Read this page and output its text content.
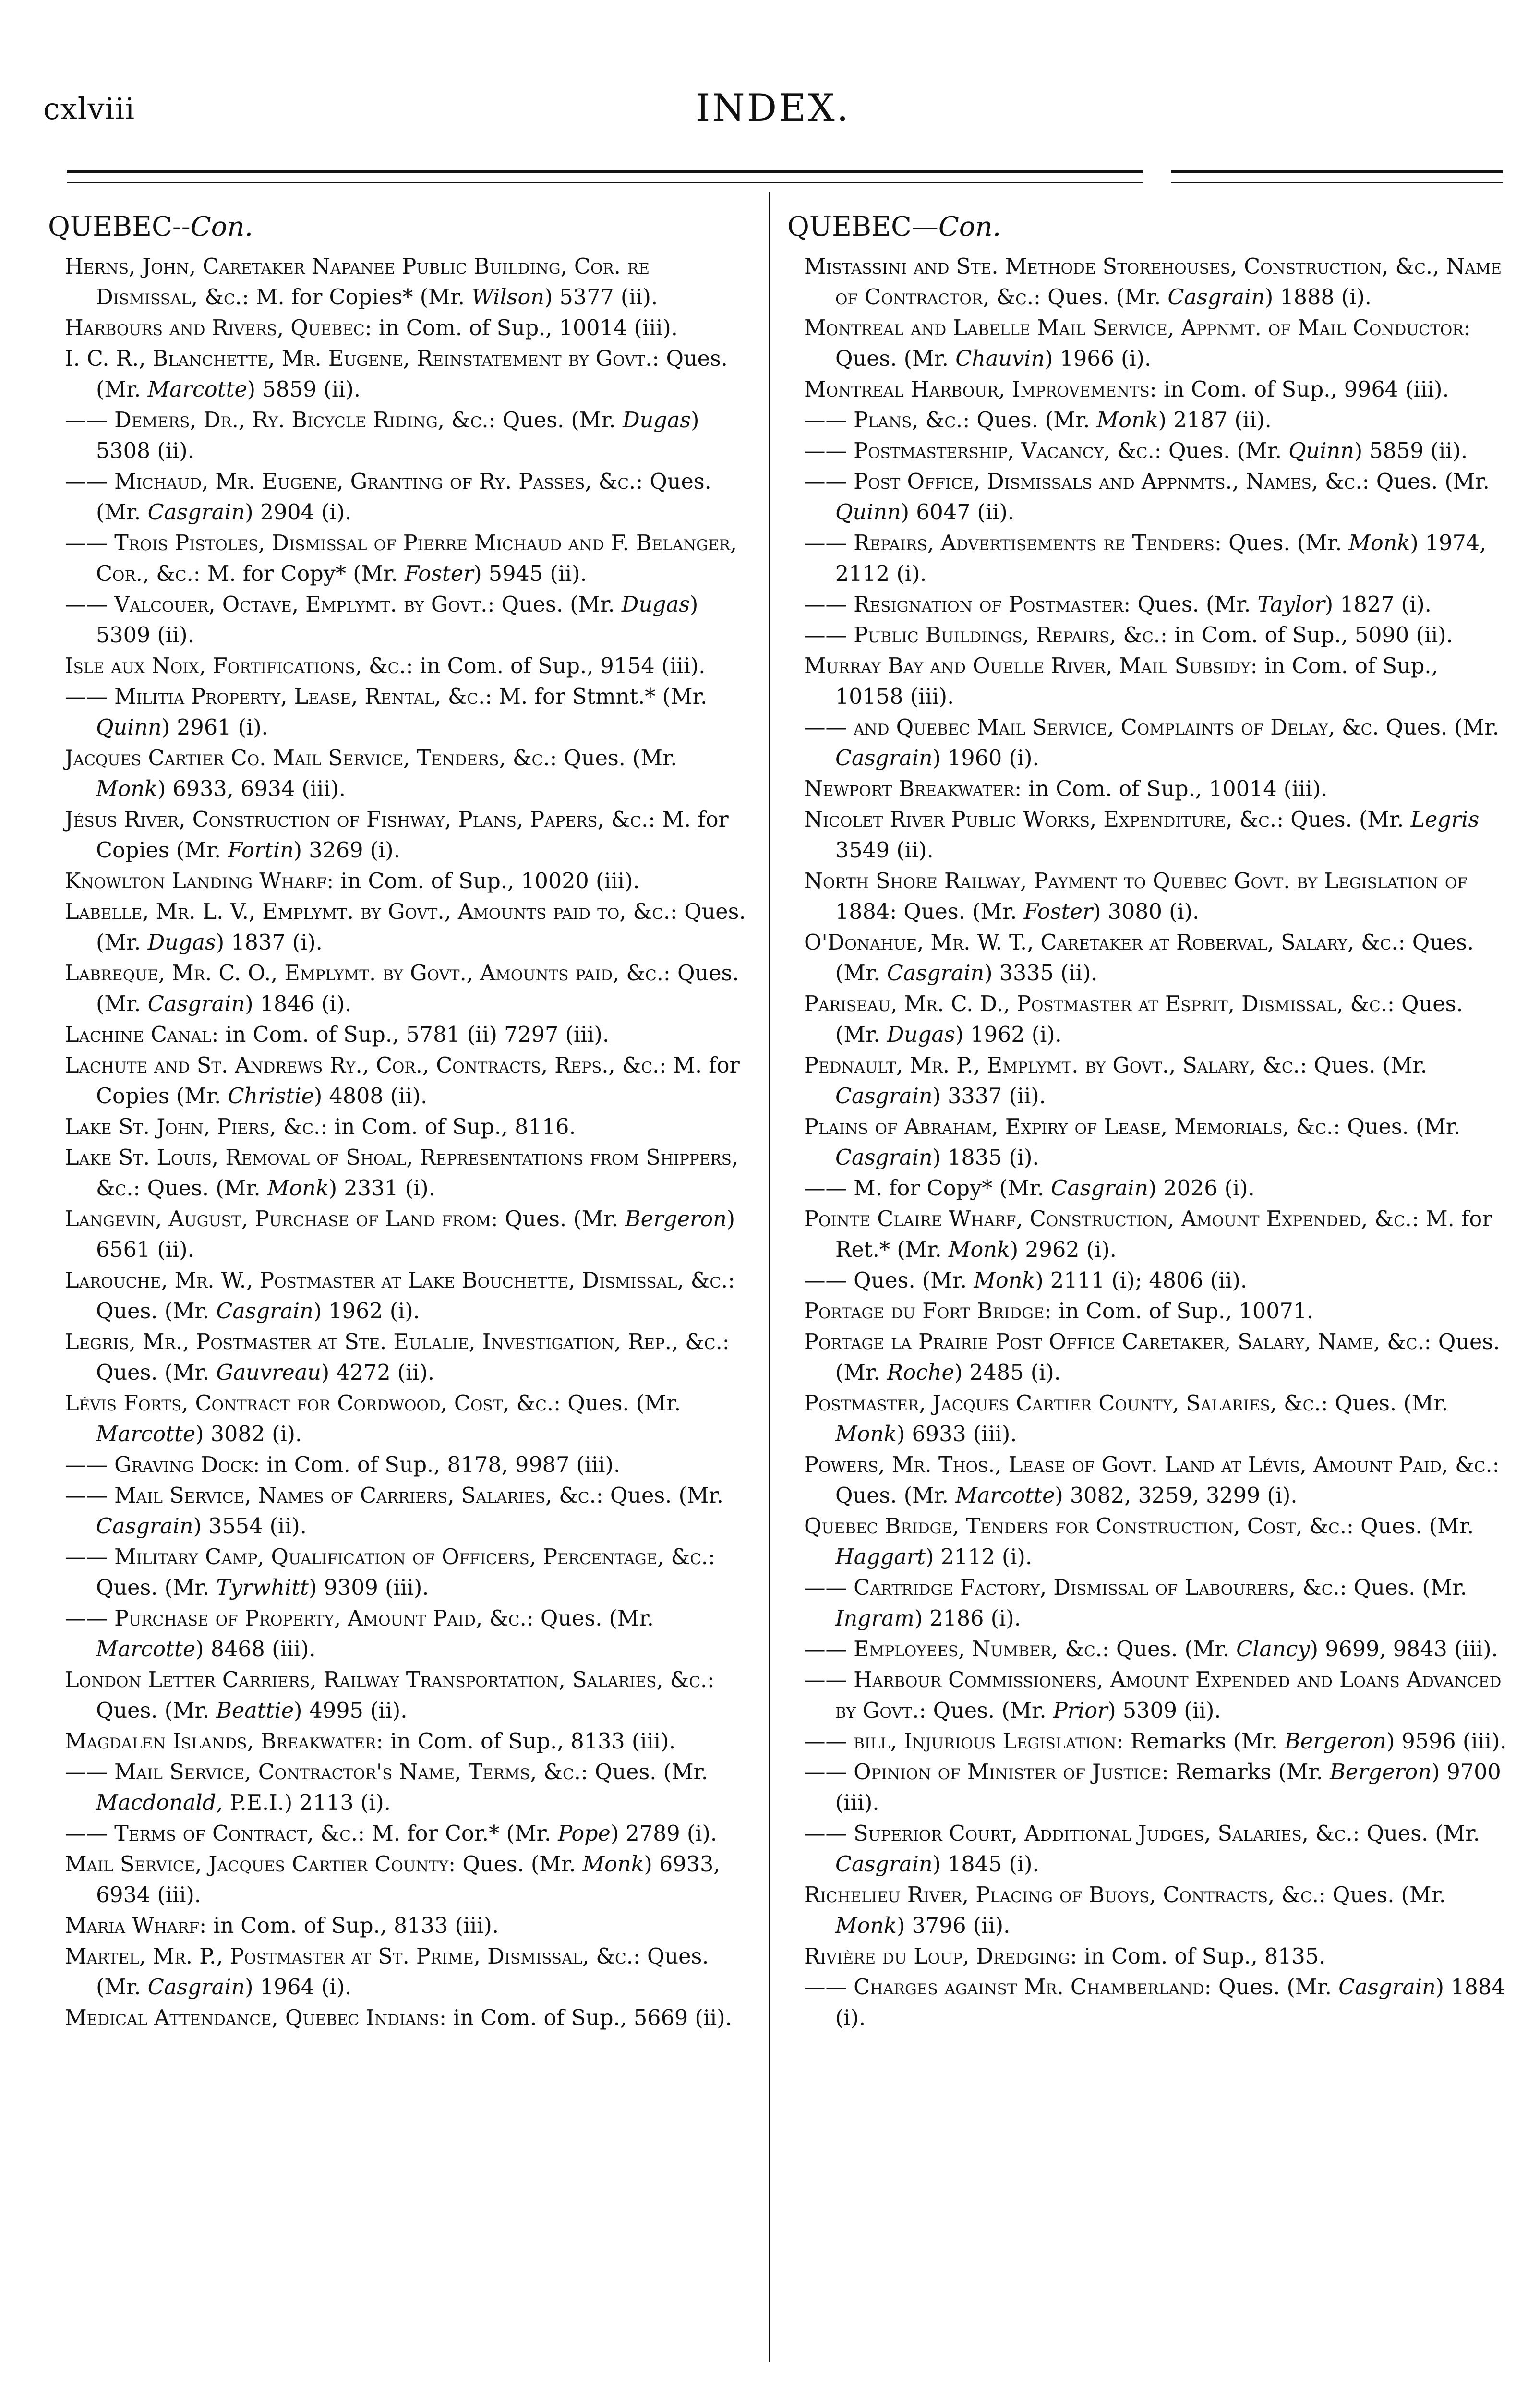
cxlviii	INDEX.
QUEBEC--Con.
Herns, John, Caretaker Napanee Public Building, Cor. re Dismissal, &c.: M. for Copies* (Mr. Wilson) 5377 (ii).
Harbours and Rivers, Quebec: in Com. of Sup., 10014 (iii).
I. C. R., Blanchette, Mr. Eugene, Reinstatement by Govt.: Ques. (Mr. Marcotte) 5859 (ii).
—— Demers, Dr., Ry. Bicycle Riding, &c.: Ques. (Mr. Dugas) 5308 (ii).
—— Michaud, Mr. Eugene, Granting of Ry. Passes, &c.: Ques. (Mr. Casgrain) 2904 (i).
—— Trois Pistoles, Dismissal of Pierre Michaud and F. Belanger, Cor., &c.: M. for Copy* (Mr. Foster) 5945 (ii).
—— Valcouer, Octave, Emplymt. by Govt.: Ques. (Mr. Dugas) 5309 (ii).
Isle aux Noix, Fortifications, &c.: in Com. of Sup., 9154 (iii).
—— Militia Property, Lease, Rental, &c.: M. for Stmnt.* (Mr. Quinn) 2961 (i).
Jacques Cartier Co. Mail Service, Tenders, &c.: Ques. (Mr. Monk) 6933, 6934 (iii).
Jésus River, Construction of Fishway, Plans, Papers, &c.: M. for Copies (Mr. Fortin) 3269 (i).
Knowlton Landing Wharf: in Com. of Sup., 10020 (iii).
Labelle, Mr. L. V., Emplymt. by Govt., Amounts paid to, &c.: Ques. (Mr. Dugas) 1837 (i).
Labreque, Mr. C. O., Emplymt. by Govt., Amounts paid, &c.: Ques. (Mr. Casgrain) 1846 (i).
Lachine Canal: in Com. of Sup., 5781 (ii) 7297 (iii).
Lachute and St. Andrews Ry., Cor., Contracts, Reps., &c.: M. for Copies (Mr. Christie) 4808 (ii).
Lake St. John, Piers, &c.: in Com. of Sup., 8116.
Lake St. Louis, Removal of Shoal, Representations from Shippers, &c.: Ques. (Mr. Monk) 2331 (i).
Langevin, August, Purchase of Land from: Ques. (Mr. Bergeron) 6561 (ii).
Larouche, Mr. W., Postmaster at Lake Bouchette, Dismissal, &c.: Ques. (Mr. Casgrain) 1962 (i).
Legris, Mr., Postmaster at Ste. Eulalie, Investigation, Rep., &c.: Ques. (Mr. Gauvreau) 4272 (ii).
Lévis Forts, Contract for Cordwood, Cost, &c.: Ques. (Mr. Marcotte) 3082 (i).
—— Graving Dock: in Com. of Sup., 8178, 9987 (iii).
—— Mail Service, Names of Carriers, Salaries, &c.: Ques. (Mr. Casgrain) 3554 (ii).
—— Military Camp, Qualification of Officers, Percentage, &c.: Ques. (Mr. Tyrwhitt) 9309 (iii).
—— Purchase of Property, Amount Paid, &c.: Ques. (Mr. Marcotte) 8468 (iii).
London Letter Carriers, Railway Transportation, Salaries, &c.: Ques. (Mr. Beattie) 4995 (ii).
Magdalen Islands, Breakwater: in Com. of Sup., 8133 (iii).
—— Mail Service, Contractor's Name, Terms, &c.: Ques. (Mr. Macdonald, P.E.I.) 2113 (i).
—— Terms of Contract, &c.: M. for Cor.* (Mr. Pope) 2789 (i).
Mail Service, Jacques Cartier County: Ques. (Mr. Monk) 6933, 6934 (iii).
Maria Wharf: in Com. of Sup., 8133 (iii).
Martel, Mr. P., Postmaster at St. Prime, Dismissal, &c.: Ques. (Mr. Casgrain) 1964 (i).
Medical Attendance, Quebec Indians: in Com. of Sup., 5669 (ii).
QUEBEC—Con.
Mistassini and Ste. Methode Storehouses, Construction, &c., Name of Contractor, &c.: Ques. (Mr. Casgrain) 1888 (i).
Montreal and Labelle Mail Service, Appnmt. of Mail Conductor: Ques. (Mr. Chauvin) 1966 (i).
Montreal Harbour, Improvements: in Com. of Sup., 9964 (iii).
—— Plans, &c.: Ques. (Mr. Monk) 2187 (ii).
—— Postmastership, Vacancy, &c.: Ques. (Mr. Quinn) 5859 (ii).
—— Post Office, Dismissals and Appnmts., Names, &c.: Ques. (Mr. Quinn) 6047 (ii).
—— Repairs, Advertisements re Tenders: Ques. (Mr. Monk) 1974, 2112 (i).
—— Resignation of Postmaster: Ques. (Mr. Taylor) 1827 (i).
—— Public Buildings, Repairs, &c.: in Com. of Sup., 5090 (ii).
Murray Bay and Ouelle River, Mail Subsidy: in Com. of Sup., 10158 (iii).
—— and Quebec Mail Service, Complaints of Delay, &c. Ques. (Mr. Casgrain) 1960 (i).
Newport Breakwater: in Com. of Sup., 10014 (iii).
Nicolet River Public Works, Expenditure, &c.: Ques. (Mr. Legris 3549 (ii).
North Shore Railway, Payment to Quebec Govt. by Legislation of 1884: Ques. (Mr. Foster) 3080 (i).
O'Donahue, Mr. W. T., Caretaker at Roberval, Salary, &c.: Ques. (Mr. Casgrain) 3335 (ii).
Pariseau, Mr. C. D., Postmaster at Esprit, Dismissal, &c.: Ques. (Mr. Dugas) 1962 (i).
Pednault, Mr. P., Emplymt. by Govt., Salary, &c.: Ques. (Mr. Casgrain) 3337 (ii).
Plains of Abraham, Expiry of Lease, Memorials, &c.: Ques. (Mr. Casgrain) 1835 (i).
—— M. for Copy* (Mr. Casgrain) 2026 (i).
Pointe Claire Wharf, Construction, Amount Expended, &c.: M. for Ret.* (Mr. Monk) 2962 (i).
—— Ques. (Mr. Monk) 2111 (i); 4806 (ii).
Portage du Fort Bridge: in Com. of Sup., 10071.
Portage la Prairie Post Office Caretaker, Salary, Name, &c.: Ques. (Mr. Roche) 2485 (i).
Postmaster, Jacques Cartier County, Salaries, &c.: Ques. (Mr. Monk) 6933 (iii).
Powers, Mr. Thos., Lease of Govt. Land at Lévis, Amount Paid, &c.: Ques. (Mr. Marcotte) 3082, 3259, 3299 (i).
Quebec Bridge, Tenders for Construction, Cost, &c.: Ques. (Mr. Haggart) 2112 (i).
—— Cartridge Factory, Dismissal of Labourers, &c.: Ques. (Mr. Ingram) 2186 (i).
—— Employees, Number, &c.: Ques. (Mr. Clancy) 9699, 9843 (iii).
—— Harbour Commissioners, Amount Expended and Loans Advanced by Govt.: Ques. (Mr. Prior) 5309 (ii).
—— bill, Injurious Legislation: Remarks (Mr. Bergeron) 9596 (iii).
—— Opinion of Minister of Justice: Remarks (Mr. Bergeron) 9700 (iii).
—— Superior Court, Additional Judges, Salaries, &c.: Ques. (Mr. Casgrain) 1845 (i).
Richelieu River, Placing of Buoys, Contracts, &c.: Ques. (Mr. Monk) 3796 (ii).
Rivière du Loup, Dredging: in Com. of Sup., 8135.
—— Charges against Mr. Chamberland: Ques. (Mr. Casgrain) 1884 (i).
